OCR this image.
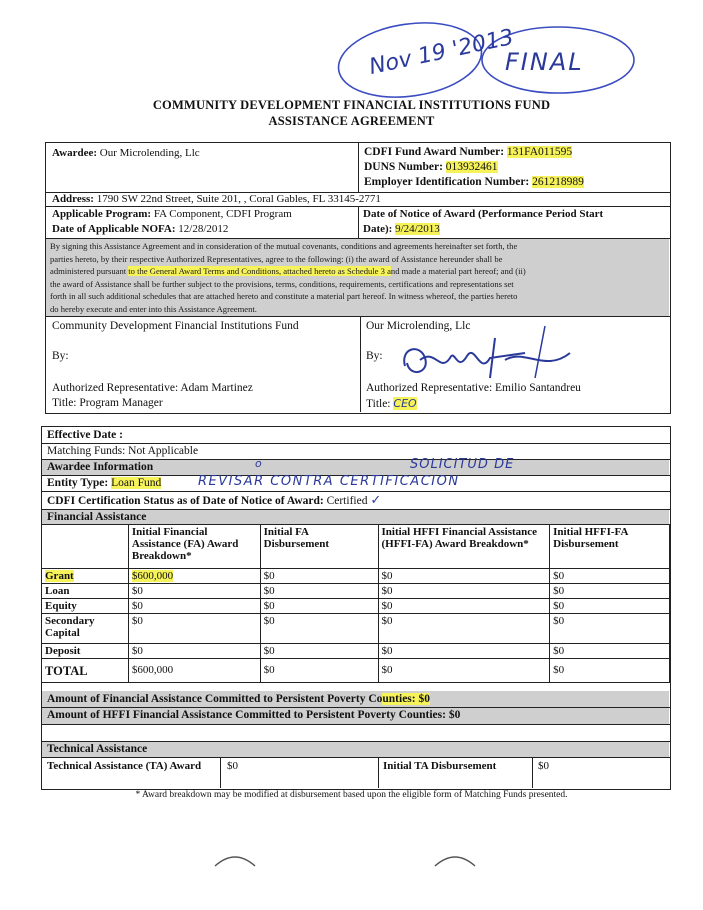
Nov 19 '2013
FINAL
COMMUNITY DEVELOPMENT FINANCIAL INSTITUTIONS FUND
ASSISTANCE AGREEMENT
Awardee: Our Microlending, Llc	CDFI Fund Award Number: 131FA011595
DUNS Number: 013932461
Employer Identification Number: 261218989
Address: 1790 SW 22nd Street, Suite 201, , Coral Gables, FL 33145-2771
Applicable Program: FA Component, CDFI Program
Date of Applicable NOFA: 12/28/2012
Date of Notice of Award (Performance Period Start
Date): 9/24/2013
By signing this Assistance Agreement and in consideration of the mutual covenants, conditions and agreements hereinafter set forth, the
parties hereto, by their respective Authorized Representatives, agree to the following: (i) the award of Assistance hereunder shall be
administered pursuant to the General Award Terms and Conditions, attached hereto as Schedule 3 and made a material part hereof; and (ii)
the award of Assistance shall be further subject to the provisions, terms, conditions, requirements, certifications and representations set
forth in all such additional schedules that are attached hereto and constitute a material part hereof. In witness whereof, the parties hereto
do hereby execute and enter into this Assistance Agreement.
Community Development Financial Institutions Fund
By:
Authorized Representative: Adam Martinez
Title: Program Manager
Our Microlending, Llc
By:
Authorized Representative: Emilio Santandreu
Title: CEO
Effective Date :
Matching Funds: Not Applicable
Awardee Information
Entity Type: Loan Fund
SOLICITUD DE
o
REVISAR CONTRA CERTIFICACION
CDFI Certification Status as of Date of Notice of Award: Certified ✓
Financial Assistance
	Initial Financial Assistance (FA) Award Breakdown*	Initial FA Disbursement	Initial HFFI Financial Assistance (HFFI-FA) Award Breakdown*	Initial HFFI-FA Disbursement
Grant	$600,000	$0	$0	$0
Loan	$0	$0	$0	$0
Equity	$0	$0	$0	$0
Secondary Capital	$0	$0	$0	$0
Deposit	$0	$0	$0	$0
TOTAL	$600,000	$0	$0	$0
Amount of Financial Assistance Committed to Persistent Poverty Counties: $0
Amount of HFFI Financial Assistance Committed to Persistent Poverty Counties: $0
Technical Assistance
Technical Assistance (TA) Award	$0	Initial TA Disbursement	$0
* Award breakdown may be modified at disbursement based upon the eligible form of Matching Funds presented.
